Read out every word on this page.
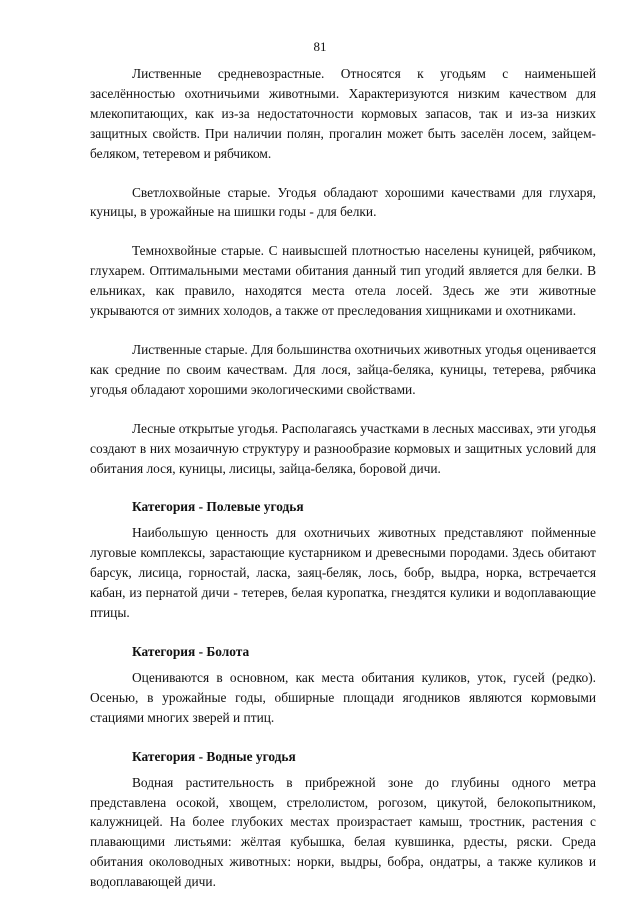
81

Лиственные средневозрастные. Относятся к угодьям с наименьшей заселённостью охотничьими животными. Характеризуются низким качеством для млекопитающих, как из-за недостаточности кормовых запасов, так и из-за низких защитных свойств. При наличии полян, прогалин может быть заселён лосем, зайцем-беляком, тетеревом и рябчиком.

Светлохвойные старые. Угодья обладают хорошими качествами для глухаря, куницы, в урожайные на шишки годы - для белки.

Темнохвойные старые. С наивысшей плотностью населены куницей, рябчиком, глухарем. Оптимальными местами обитания данный тип угодий является для белки. В ельниках, как правило, находятся места отела лосей. Здесь же эти животные укрываются от зимних холодов, а также от преследования хищниками и охотниками.

Лиственные старые. Для большинства охотничьих животных угодья оценивается как средние по своим качествам. Для лося, зайца-беляка, куницы, тетерева, рябчика угодья обладают хорошими экологическими свойствами.

Лесные открытые угодья. Располагаясь участками в лесных массивах, эти угодья создают в них мозаичную структуру и разнообразие кормовых и защитных условий для обитания лося, куницы, лисицы, зайца-беляка, боровой дичи.

Категория - Полевые угодья

Наибольшую ценность для охотничьих животных представляют пойменные луговые комплексы, зарастающие кустарником и древесными породами. Здесь обитают барсук, лисица, горностай, ласка, заяц-беляк, лось, бобр, выдра, норка, встречается кабан, из пернатой дичи - тетерев, белая куропатка, гнездятся кулики и водоплавающие птицы.

Категория - Болота

Оцениваются в основном, как места обитания куликов, уток, гусей (редко). Осенью, в урожайные годы, обширные площади ягодников являются кормовыми стациями многих зверей и птиц.

Категория - Водные угодья

Водная растительность в прибрежной зоне до глубины одного метра представлена осокой, хвощем, стрелолистом, рогозом, цикутой, белокопытником, калужницей. На более глубоких местах произрастает камыш, тростник, растения с плавающими листьями: жёлтая кубышка, белая кувшинка, рдесты, ряски. Среда обитания околоводных животных: норки, выдры, бобра, ондатры, а также куликов и водоплавающей дичи.
